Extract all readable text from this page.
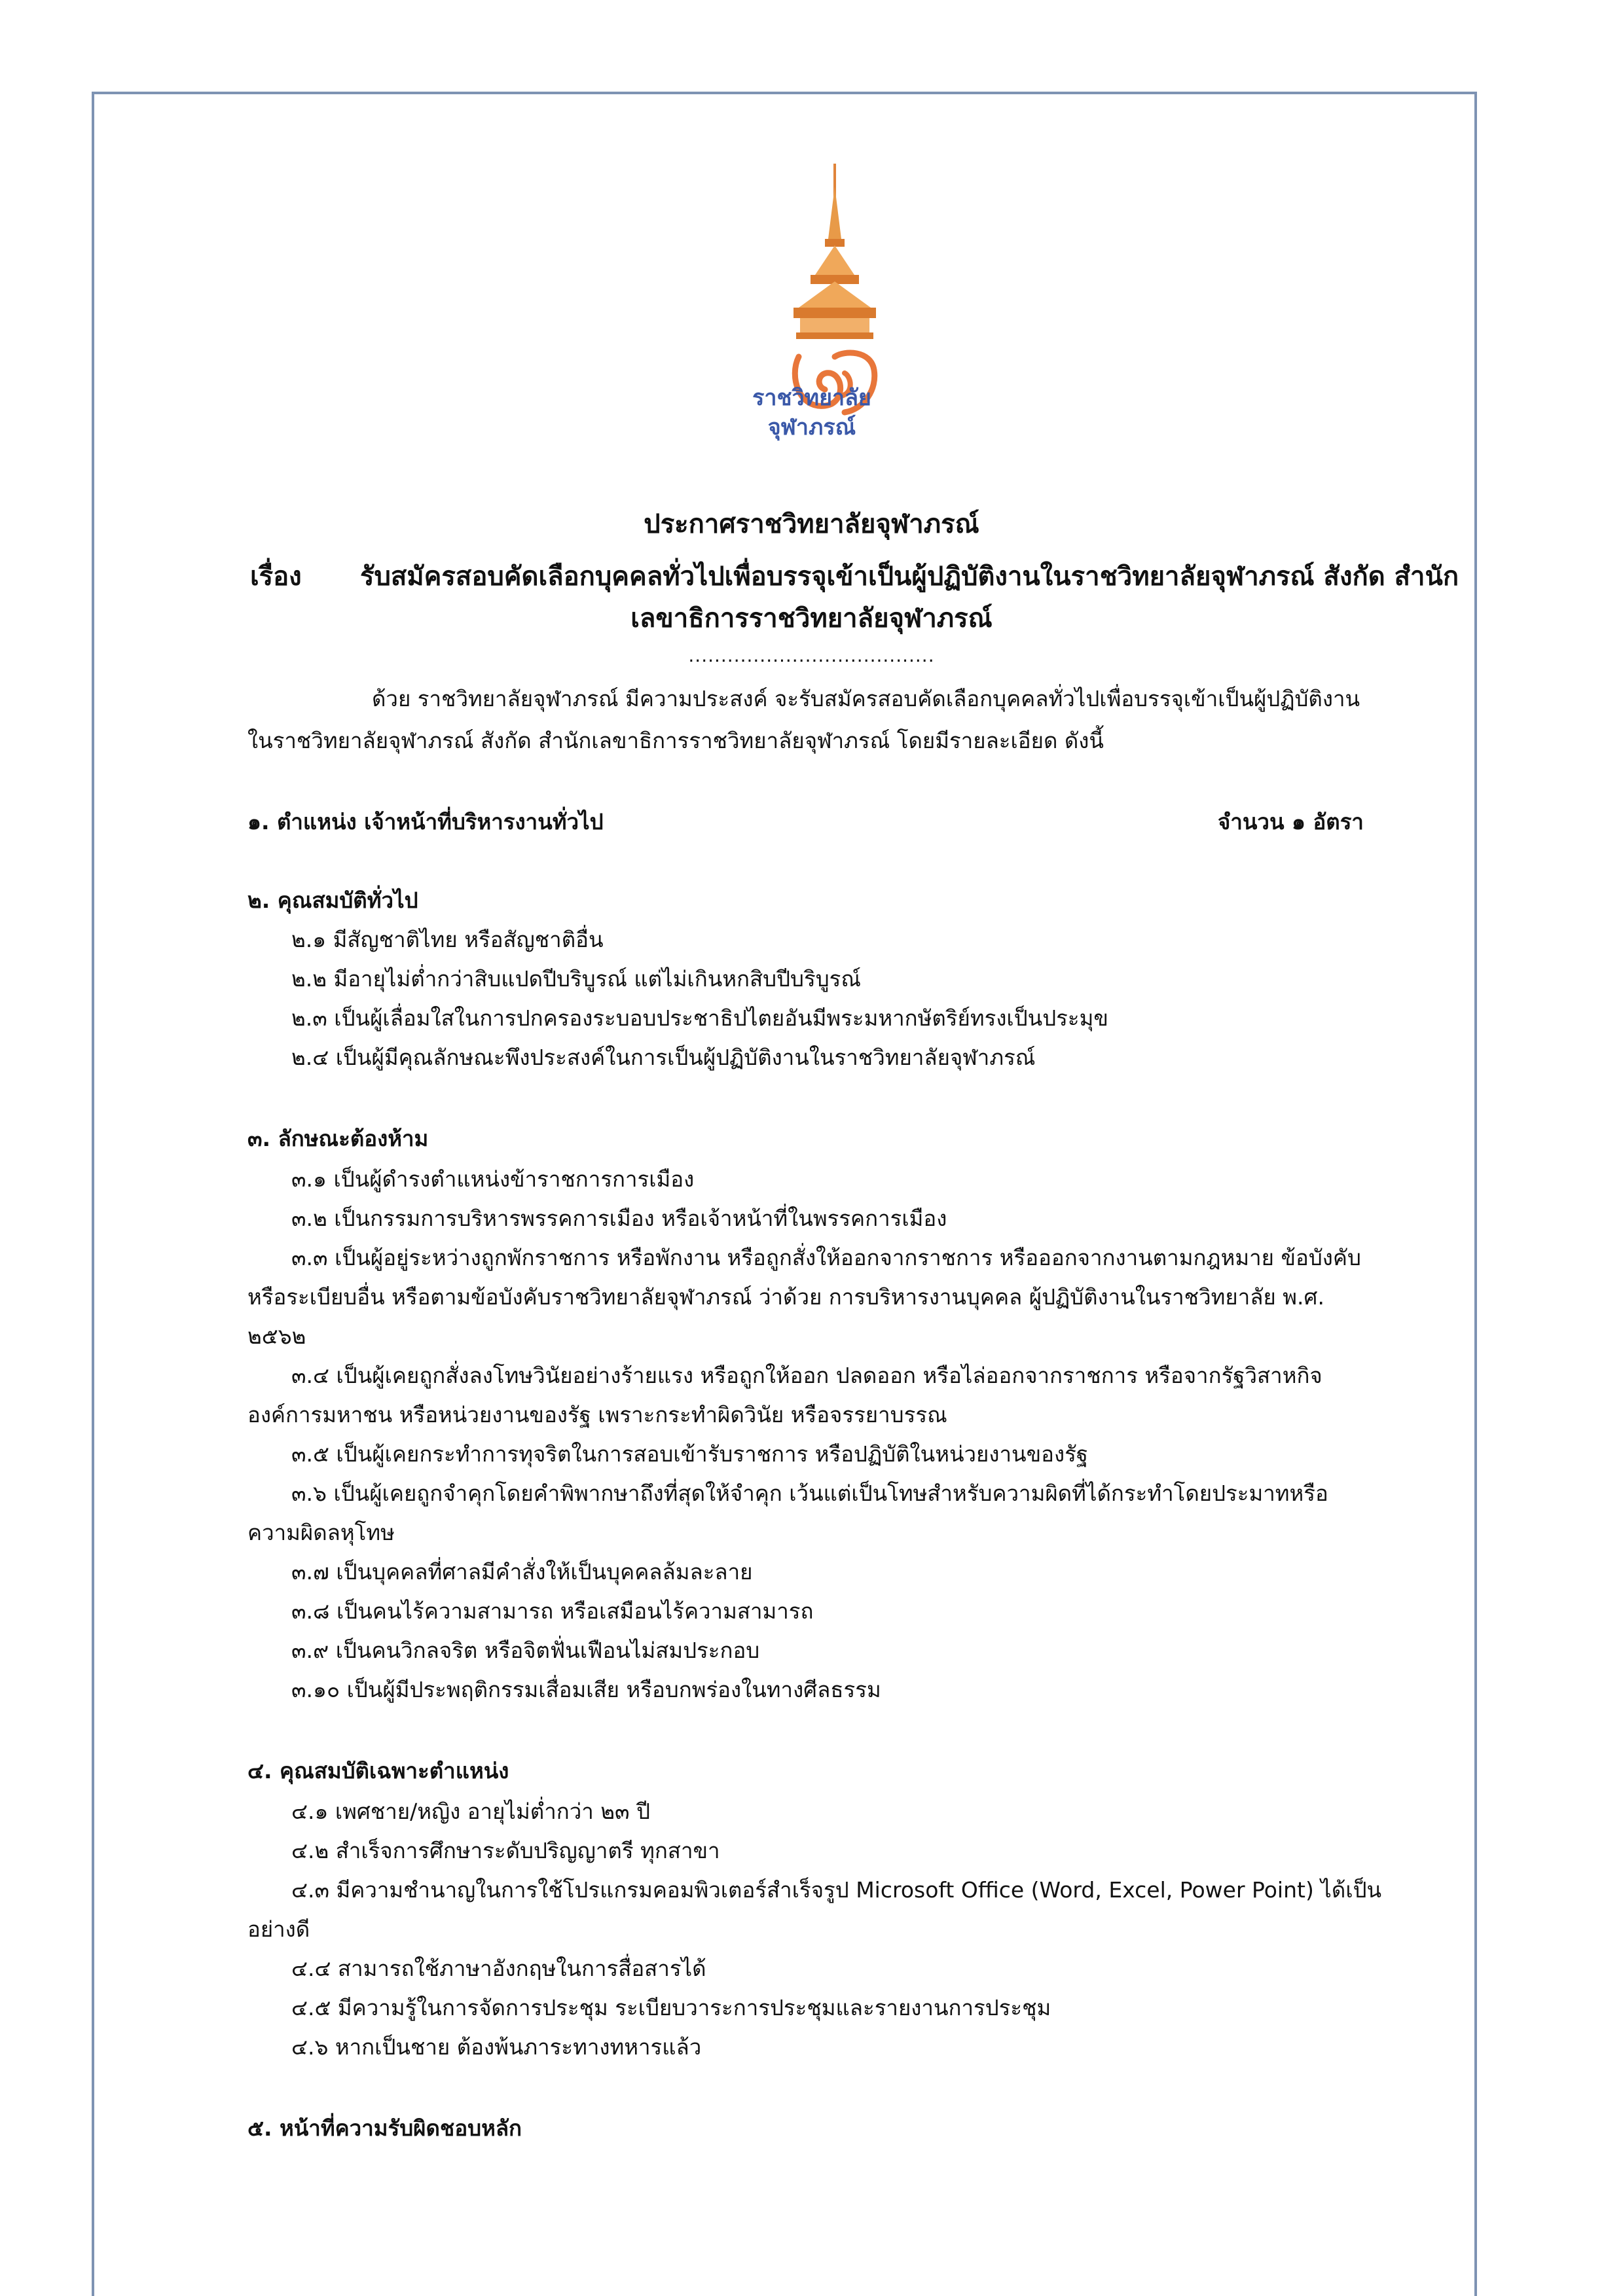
ราชวิทยาลัย
จุฬาภรณ์
ประกาศราชวิทยาลัยจุฬาภรณ์
เรื่อง รับสมัครสอบคัดเลือกบุคคลทั่วไปเพื่อบรรจุเข้าเป็นผู้ปฏิบัติงานในราชวิทยาลัยจุฬาภรณ์ สังกัด สำนัก
เลขาธิการราชวิทยาลัยจุฬาภรณ์
......................................
ด้วย ราชวิทยาลัยจุฬาภรณ์ มีความประสงค์ จะรับสมัครสอบคัดเลือกบุคคลทั่วไปเพื่อบรรจุเข้าเป็นผู้ปฏิบัติงาน
ในราชวิทยาลัยจุฬาภรณ์ สังกัด สำนักเลขาธิการราชวิทยาลัยจุฬาภรณ์ โดยมีรายละเอียด ดังนี้
๑. ตำแหน่ง เจ้าหน้าที่บริหารงานทั่วไป	จำนวน ๑ อัตรา
๒. คุณสมบัติทั่วไป
๒.๑ มีสัญชาติไทย หรือสัญชาติอื่น
๒.๒ มีอายุไม่ต่ำกว่าสิบแปดปีบริบูรณ์ แต่ไม่เกินหกสิบปีบริบูรณ์
๒.๓ เป็นผู้เลื่อมใสในการปกครองระบอบประชาธิปไตยอันมีพระมหากษัตริย์ทรงเป็นประมุข
๒.๔ เป็นผู้มีคุณลักษณะพึงประสงค์ในการเป็นผู้ปฏิบัติงานในราชวิทยาลัยจุฬาภรณ์
๓. ลักษณะต้องห้าม
๓.๑ เป็นผู้ดำรงตำแหน่งข้าราชการการเมือง
๓.๒ เป็นกรรมการบริหารพรรคการเมือง หรือเจ้าหน้าที่ในพรรคการเมือง
๓.๓ เป็นผู้อยู่ระหว่างถูกพักราชการ หรือพักงาน หรือถูกสั่งให้ออกจากราชการ หรือออกจากงานตามกฎหมาย ข้อบังคับ
หรือระเบียบอื่น หรือตามข้อบังคับราชวิทยาลัยจุฬาภรณ์ ว่าด้วย การบริหารงานบุคคล ผู้ปฏิบัติงานในราชวิทยาลัย พ.ศ.
๒๕๖๒
๓.๔ เป็นผู้เคยถูกสั่งลงโทษวินัยอย่างร้ายแรง หรือถูกให้ออก ปลดออก หรือไล่ออกจากราชการ หรือจากรัฐวิสาหกิจ
องค์การมหาชน หรือหน่วยงานของรัฐ เพราะกระทำผิดวินัย หรือจรรยาบรรณ
๓.๕ เป็นผู้เคยกระทำการทุจริตในการสอบเข้ารับราชการ หรือปฏิบัติในหน่วยงานของรัฐ
๓.๖ เป็นผู้เคยถูกจำคุกโดยคำพิพากษาถึงที่สุดให้จำคุก เว้นแต่เป็นโทษสำหรับความผิดที่ได้กระทำโดยประมาทหรือ
ความผิดลหุโทษ
๓.๗ เป็นบุคคลที่ศาลมีคำสั่งให้เป็นบุคคลล้มละลาย
๓.๘ เป็นคนไร้ความสามารถ หรือเสมือนไร้ความสามารถ
๓.๙ เป็นคนวิกลจริต หรือจิตฟั่นเฟือนไม่สมประกอบ
๓.๑๐ เป็นผู้มีประพฤติกรรมเสื่อมเสีย หรือบกพร่องในทางศีลธรรม
๔. คุณสมบัติเฉพาะตำแหน่ง
๔.๑ เพศชาย/หญิง อายุไม่ต่ำกว่า ๒๓ ปี
๔.๒ สำเร็จการศึกษาระดับปริญญาตรี ทุกสาขา
๔.๓ มีความชำนาญในการใช้โปรแกรมคอมพิวเตอร์สำเร็จรูป Microsoft Office (Word, Excel, Power Point) ได้เป็น
อย่างดี
๔.๔ สามารถใช้ภาษาอังกฤษในการสื่อสารได้
๔.๕ มีความรู้ในการจัดการประชุม ระเบียบวาระการประชุมและรายงานการประชุม
๔.๖ หากเป็นชาย ต้องพ้นภาระทางทหารแล้ว
๕. หน้าที่ความรับผิดชอบหลัก
